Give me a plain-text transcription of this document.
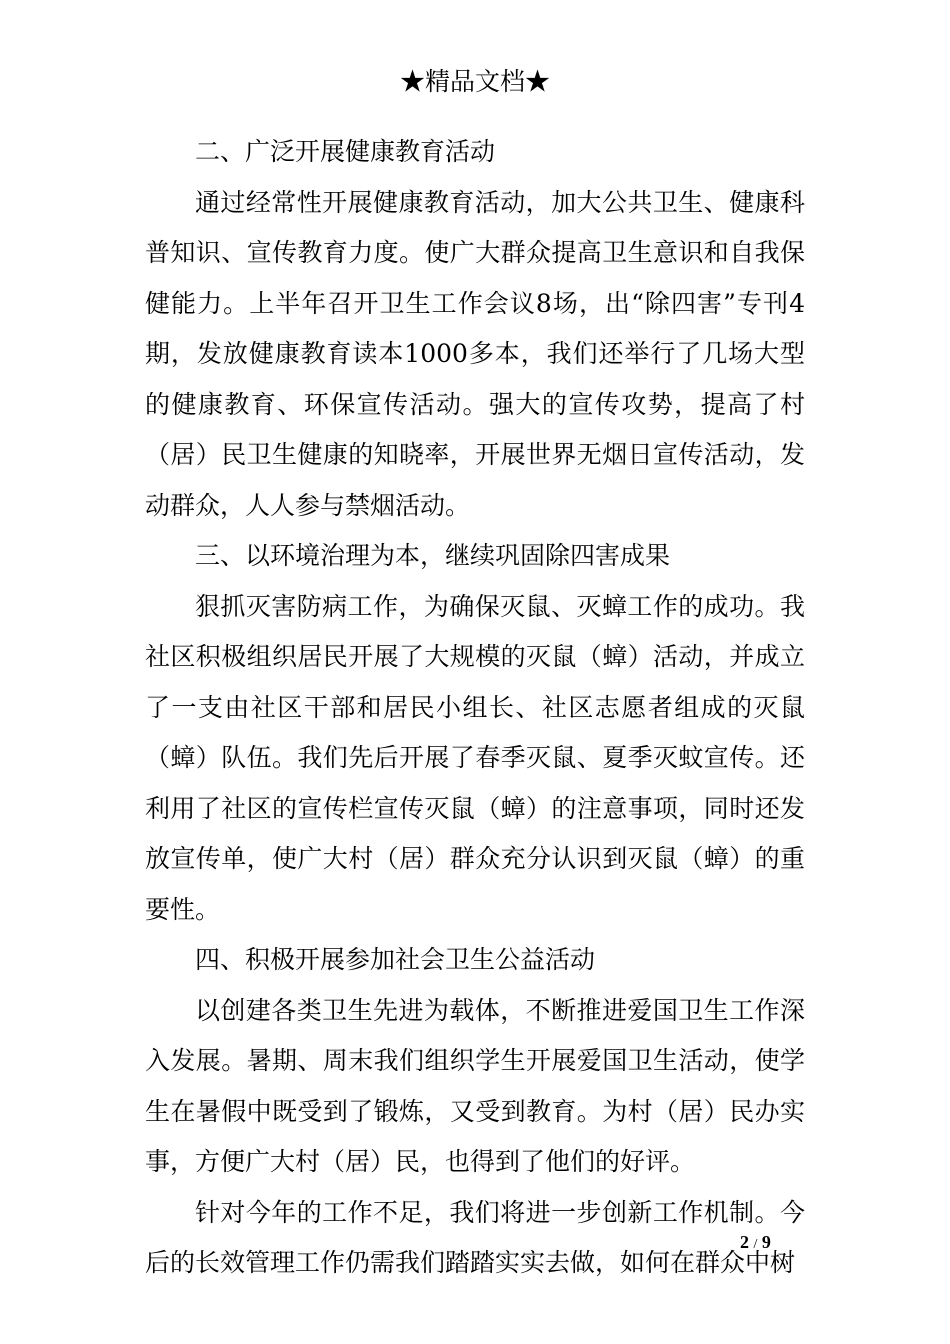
★精品文档★

二、广泛开展健康教育活动

通过经常性开展健康教育活动，加大公共卫生、健康科普知识、宣传教育力度。使广大群众提高卫生意识和自我保健能力。上半年召开卫生工作会议8场，出“除四害”专刊4期，发放健康教育读本1000多本，我们还举行了几场大型的健康教育、环保宣传活动。强大的宣传攻势，提高了村（居）民卫生健康的知晓率，开展世界无烟日宣传活动，发动群众，人人参与禁烟活动。

三、以环境治理为本，继续巩固除四害成果

狠抓灭害防病工作，为确保灭鼠、灭蟑工作的成功。我社区积极组织居民开展了大规模的灭鼠（蟑）活动，并成立了一支由社区干部和居民小组长、社区志愿者组成的灭鼠（蟑）队伍。我们先后开展了春季灭鼠、夏季灭蚊宣传。还利用了社区的宣传栏宣传灭鼠（蟑）的注意事项，同时还发放宣传单，使广大村（居）群众充分认识到灭鼠（蟑）的重要性。

四、积极开展参加社会卫生公益活动

以创建各类卫生先进为载体，不断推进爱国卫生工作深入发展。暑期、周末我们组织学生开展爱国卫生活动，使学生在暑假中既受到了锻炼，又受到教育。为村（居）民办实事，方便广大村（居）民，也得到了他们的好评。

针对今年的工作不足，我们将进一步创新工作机制。今后的长效管理工作仍需我们踏踏实实去做，如何在群众中树

2 / 9
